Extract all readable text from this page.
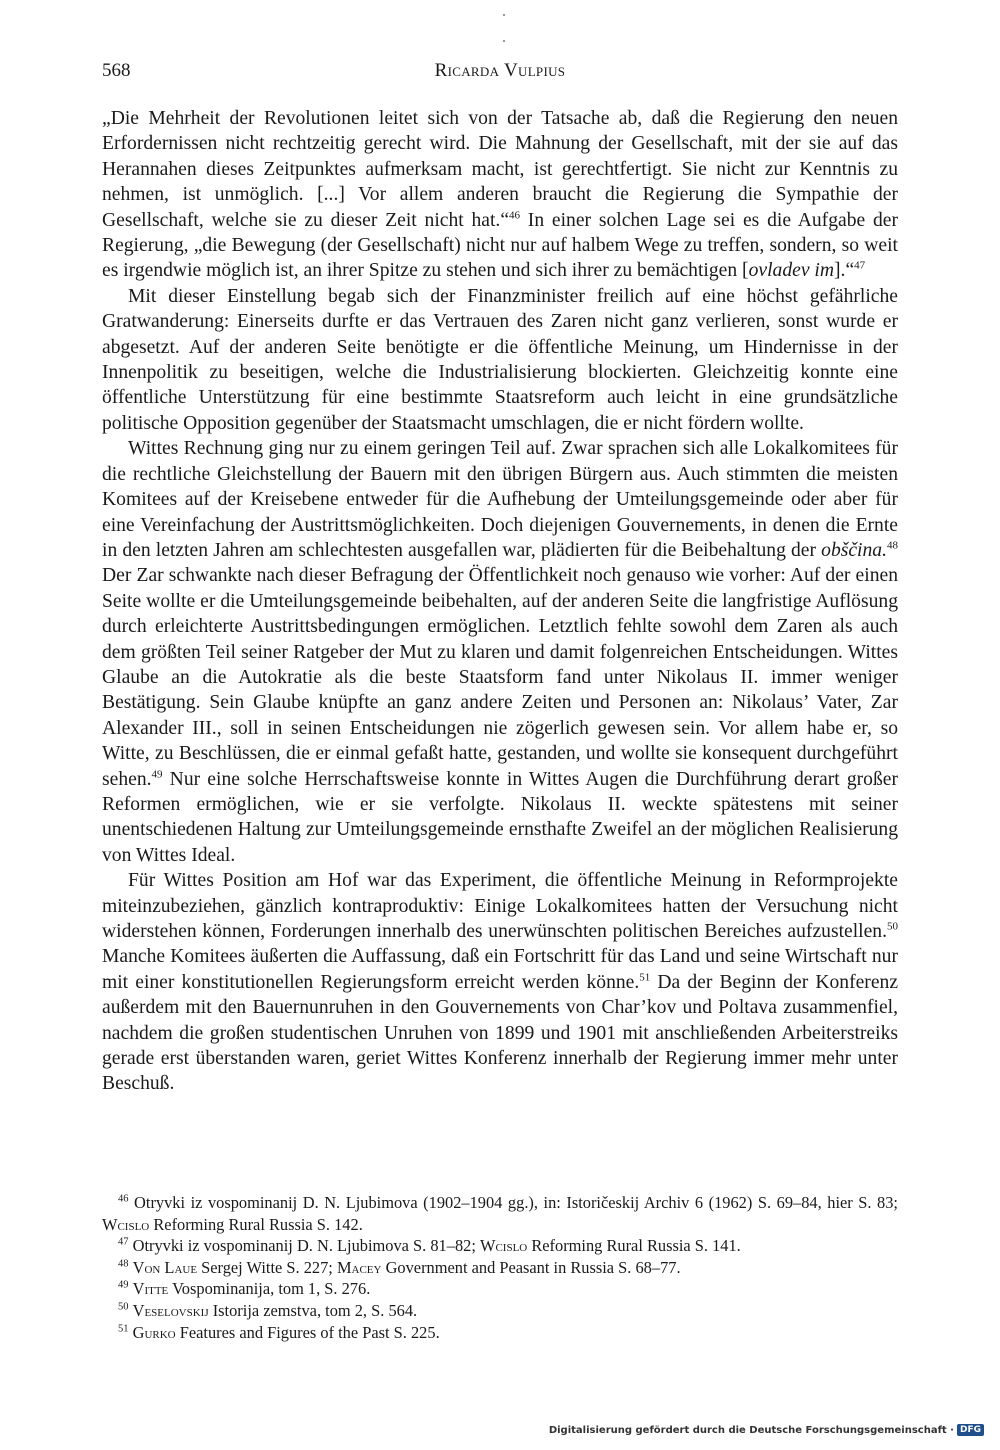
568	Ricarda Vulpius

„Die Mehrheit der Revolutionen leitet sich von der Tatsache ab, daß die Regierung den neuen Erfordernissen nicht rechtzeitig gerecht wird. Die Mahnung der Gesellschaft, mit der sie auf das Herannahen dieses Zeitpunktes aufmerksam macht, ist gerechtfertigt. Sie nicht zur Kenntnis zu nehmen, ist unmöglich. [...] Vor allem anderen braucht die Regierung die Sympathie der Gesellschaft, welche sie zu dieser Zeit nicht hat.“$^{46}$ In einer solchen Lage sei es die Aufgabe der Regierung, „die Bewegung (der Gesellschaft) nicht nur auf halbem Wege zu treffen, sondern, so weit es irgendwie möglich ist, an ihrer Spitze zu stehen und sich ihrer zu bemächtigen [ovladev im].“$^{47}$

Mit dieser Einstellung begab sich der Finanzminister freilich auf eine höchst gefährliche Gratwanderung: Einerseits durfte er das Vertrauen des Zaren nicht ganz verlieren, sonst wurde er abgesetzt. Auf der anderen Seite benötigte er die öffentliche Meinung, um Hindernisse in der Innenpolitik zu beseitigen, welche die Industrialisierung blockierten. Gleichzeitig konnte eine öffentliche Unterstützung für eine bestimmte Staatsreform auch leicht in eine grundsätzliche politische Opposition gegenüber der Staatsmacht umschlagen, die er nicht fördern wollte.

Wittes Rechnung ging nur zu einem geringen Teil auf. Zwar sprachen sich alle Lokalkomitees für die rechtliche Gleichstellung der Bauern mit den übrigen Bürgern aus. Auch stimmten die meisten Komitees auf der Kreisebene entweder für die Aufhebung der Umteilungsgemeinde oder aber für eine Vereinfachung der Austrittsmöglichkeiten. Doch diejenigen Gouvernements, in denen die Ernte in den letzten Jahren am schlechtesten ausgefallen war, plädierten für die Beibehaltung der obščina.$^{48}$ Der Zar schwankte nach dieser Befragung der Öffentlichkeit noch genauso wie vorher: Auf der einen Seite wollte er die Umteilungsgemeinde beibehalten, auf der anderen Seite die langfristige Auflösung durch erleichterte Austrittsbedingungen ermöglichen. Letztlich fehlte sowohl dem Zaren als auch dem größten Teil seiner Ratgeber der Mut zu klaren und damit folgenreichen Entscheidungen. Wittes Glaube an die Autokratie als die beste Staatsform fand unter Nikolaus II. immer weniger Bestätigung. Sein Glaube knüpfte an ganz andere Zeiten und Personen an: Nikolaus’ Vater, Zar Alexander III., soll in seinen Entscheidungen nie zögerlich gewesen sein. Vor allem habe er, so Witte, zu Beschlüssen, die er einmal gefaßt hatte, gestanden, und wollte sie konsequent durchgeführt sehen.$^{49}$ Nur eine solche Herrschaftsweise konnte in Wittes Augen die Durchführung derart großer Reformen ermöglichen, wie er sie verfolgte. Nikolaus II. weckte spätestens mit seiner unentschiedenen Haltung zur Umteilungsgemeinde ernsthafte Zweifel an der möglichen Realisierung von Wittes Ideal.

Für Wittes Position am Hof war das Experiment, die öffentliche Meinung in Reformprojekte miteinzubeziehen, gänzlich kontraproduktiv: Einige Lokalkomitees hatten der Versuchung nicht widerstehen können, Forderungen innerhalb des unerwünschten politischen Bereiches aufzustellen.$^{50}$ Manche Komitees äußerten die Auffassung, daß ein Fortschritt für das Land und seine Wirtschaft nur mit einer konstitutionellen Regierungsform erreicht werden könne.$^{51}$ Da der Beginn der Konferenz außerdem mit den Bauernunruhen in den Gouvernements von Char’kov und Poltava zusammenfiel, nachdem die großen studentischen Unruhen von 1899 und 1901 mit anschließenden Arbeiterstreiks gerade erst überstanden waren, geriet Wittes Konferenz innerhalb der Regierung immer mehr unter Beschuß.

$^{46}$ Otryvki iz vospominanij D. N. Ljubimova (1902–1904 gg.), in: Istoričeskij Archiv 6 (1962) S. 69–84, hier S. 83; Wcislo Reforming Rural Russia S. 142.

$^{47}$ Otryvki iz vospominanij D. N. Ljubimova S. 81–82; Wcislo Reforming Rural Russia S. 141.

$^{48}$ Von Laue Sergej Witte S. 227; Macey Government and Peasant in Russia S. 68–77.

$^{49}$ Vitte Vospominanija, tom 1, S. 276.

$^{50}$ Veselovskij Istorija zemstva, tom 2, S. 564.

$^{51}$ Gurko Features and Figures of the Past S. 225.

Digitalisierung gefördert durch die Deutsche Forschungsgemeinschaft · DFG
